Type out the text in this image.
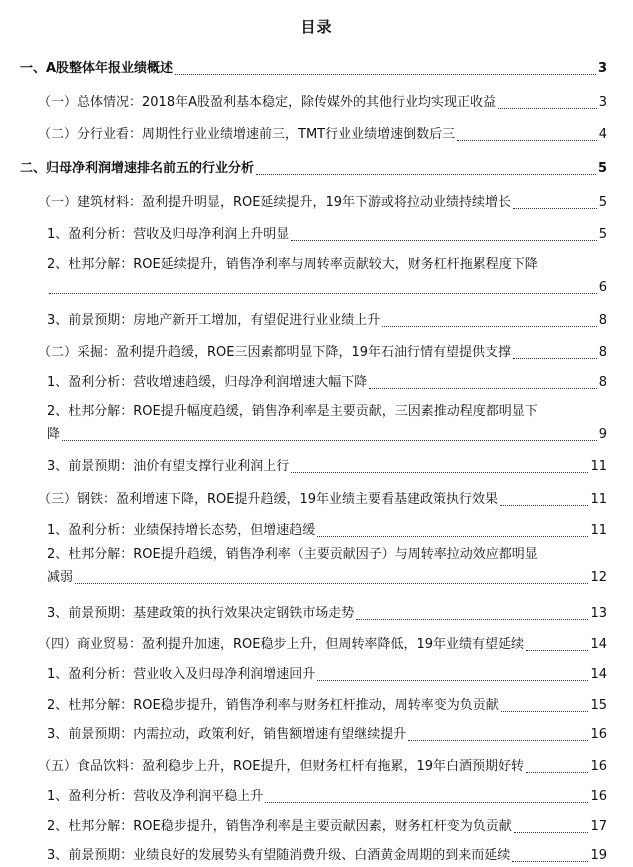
目录
一、A股整体年报业绩概述	3
（一）总体情况：2018年A股盈利基本稳定，除传媒外的其他行业均实现正收益	3
（二）分行业看：周期性行业业绩增速前三，TMT行业业绩增速倒数后三	4
二、归母净利润增速排名前五的行业分析	5
（一）建筑材料：盈利提升明显，ROE延续提升，19年下游或将拉动业绩持续增长	5
1、盈利分析：营收及归母净利润上升明显	5
2、杜邦分解：ROE延续提升，销售净利率与周转率贡献较大，财务杠杆拖累程度下降
6
3、前景预期：房地产新开工增加，有望促进行业业绩上升	8
（二）采掘：盈利提升趋缓，ROE三因素都明显下降，19年石油行情有望提供支撑	8
1、盈利分析：营收增速趋缓，归母净利润增速大幅下降	8
2、杜邦分解：ROE提升幅度趋缓，销售净利率是主要贡献，三因素推动程度都明显下
降	9
3、前景预期：油价有望支撑行业利润上行	11
（三）钢铁：盈利增速下降，ROE提升趋缓，19年业绩主要看基建政策执行效果	11
1、盈利分析：业绩保持增长态势，但增速趋缓	11
2、杜邦分解：ROE提升趋缓，销售净利率（主要贡献因子）与周转率拉动效应都明显
减弱	12
3、前景预期：基建政策的执行效果决定钢铁市场走势	13
（四）商业贸易：盈利提升加速，ROE稳步上升，但周转率降低，19年业绩有望延续	14
1、盈利分析：营业收入及归母净利润增速回升	14
2、杜邦分解：ROE稳步提升，销售净利率与财务杠杆推动，周转率变为负贡献	15
3、前景预期：内需拉动，政策利好，销售额增速有望继续提升	16
（五）食品饮料：盈利稳步上升，ROE提升，但财务杠杆有拖累，19年白酒预期好转	16
1、盈利分析：营收及净利润平稳上升	16
2、杜邦分解：ROE稳步提升，销售净利率是主要贡献因素，财务杠杆变为负贡献	17
3、前景预期：业绩良好的发展势头有望随消费升级、白酒黄金周期的到来而延续	19
